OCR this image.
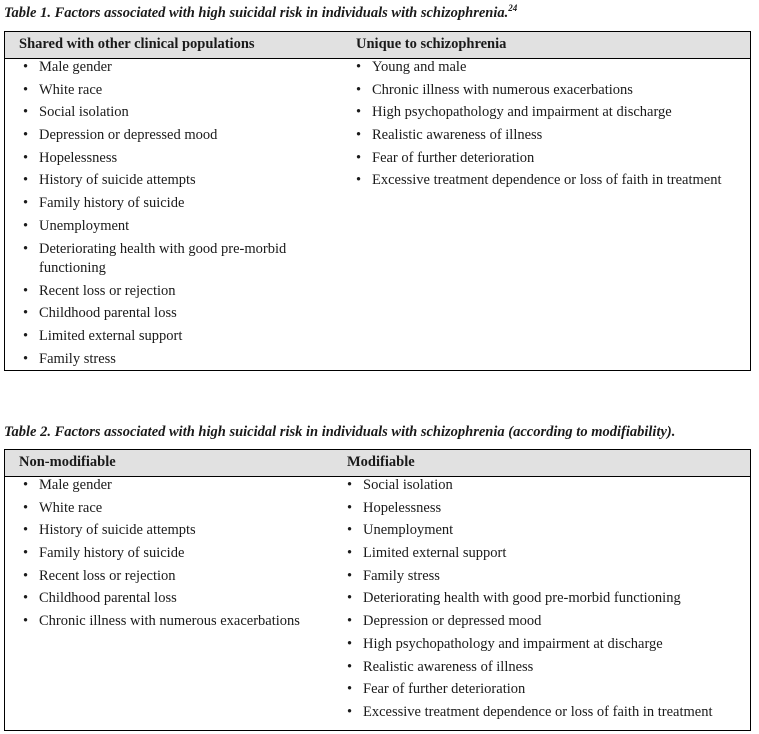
Table 1. Factors associated with high suicidal risk in individuals with schizophrenia.$^{24}$
Shared with other clinical populations	Unique to schizophrenia
• Male gender
• White race
• Social isolation
• Depression or depressed mood
• Hopelessness
• History of suicide attempts
• Family history of suicide
• Unemployment
• Deteriorating health with good pre-morbid functioning
• Recent loss or rejection
• Childhood parental loss
• Limited external support
• Family stress
• Young and male
• Chronic illness with numerous exacerbations
• High psychopathology and impairment at discharge
• Realistic awareness of illness
• Fear of further deterioration
• Excessive treatment dependence or loss of faith in treatment
Table 2. Factors associated with high suicidal risk in individuals with schizophrenia (according to modifiability).
Non-modifiable	Modifiable
• Male gender
• White race
• History of suicide attempts
• Family history of suicide
• Recent loss or rejection
• Childhood parental loss
• Chronic illness with numerous exacerbations
• Social isolation
• Hopelessness
• Unemployment
• Limited external support
• Family stress
• Deteriorating health with good pre-morbid functioning
• Depression or depressed mood
• High psychopathology and impairment at discharge
• Realistic awareness of illness
• Fear of further deterioration
• Excessive treatment dependence or loss of faith in treatment
